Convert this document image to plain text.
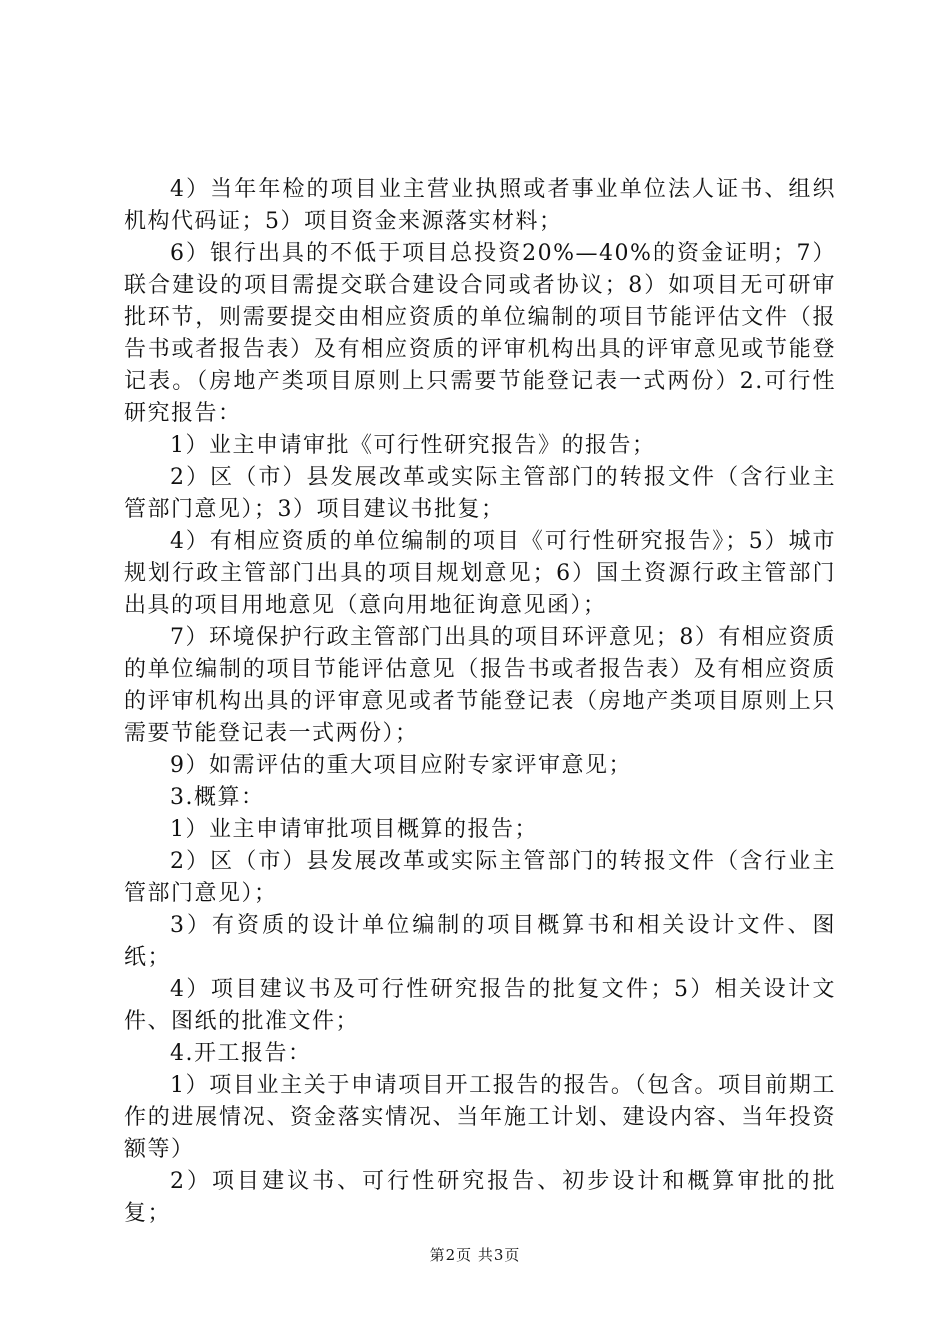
4）当年年检的项目业主营业执照或者事业单位法人证书、组织机构代码证；5）项目资金来源落实材料；

6）银行出具的不低于项目总投资20%—40%的资金证明；7）联合建设的项目需提交联合建设合同或者协议；8）如项目无可研审批环节，则需要提交由相应资质的单位编制的项目节能评估文件（报告书或者报告表）及有相应资质的评审机构出具的评审意见或节能登记表。（房地产类项目原则上只需要节能登记表一式两份）2.可行性研究报告：

1）业主申请审批《可行性研究报告》的报告；

2）区（市）县发展改革或实际主管部门的转报文件（含行业主管部门意见）；3）项目建议书批复；

4）有相应资质的单位编制的项目《可行性研究报告》；5）城市规划行政主管部门出具的项目规划意见；6）国土资源行政主管部门出具的项目用地意见（意向用地征询意见函）；

7）环境保护行政主管部门出具的项目环评意见；8）有相应资质的单位编制的项目节能评估意见（报告书或者报告表）及有相应资质的评审机构出具的评审意见或者节能登记表（房地产类项目原则上只需要节能登记表一式两份）；

9）如需评估的重大项目应附专家评审意见；

3.概算：

1）业主申请审批项目概算的报告；

2）区（市）县发展改革或实际主管部门的转报文件（含行业主管部门意见）；

3）有资质的设计单位编制的项目概算书和相关设计文件、图纸；

4）项目建议书及可行性研究报告的批复文件；5）相关设计文件、图纸的批准文件；

4.开工报告：

1）项目业主关于申请项目开工报告的报告。（包含。项目前期工作的进展情况、资金落实情况、当年施工计划、建设内容、当年投资额等）

2）项目建议书、可行性研究报告、初步设计和概算审批的批复；

第2页 共3页
